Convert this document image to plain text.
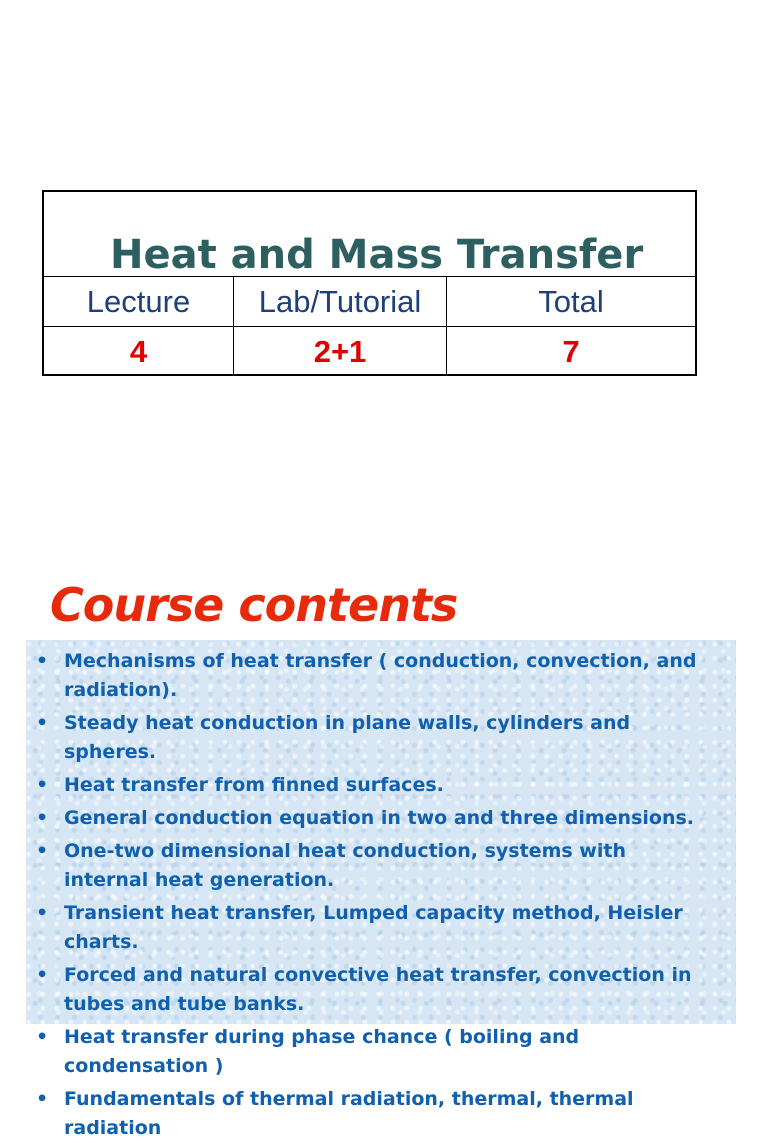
Heat and Mass Transfer
Lecture	Lab/Tutorial	Total
4	2+1	7
Course contents
• Mechanisms of heat transfer ( conduction, convection, and radiation).
• Steady heat conduction in plane walls, cylinders and spheres.
• Heat transfer from finned surfaces.
• General conduction equation in two and three dimensions.
• One-two dimensional heat conduction, systems with internal heat generation.
• Transient heat transfer, Lumped capacity method, Heisler charts.
• Forced and natural convective heat transfer, convection in tubes and tube banks.
• Heat transfer during phase chance ( boiling and condensation )
• Fundamentals of thermal radiation, thermal, thermal radiation
